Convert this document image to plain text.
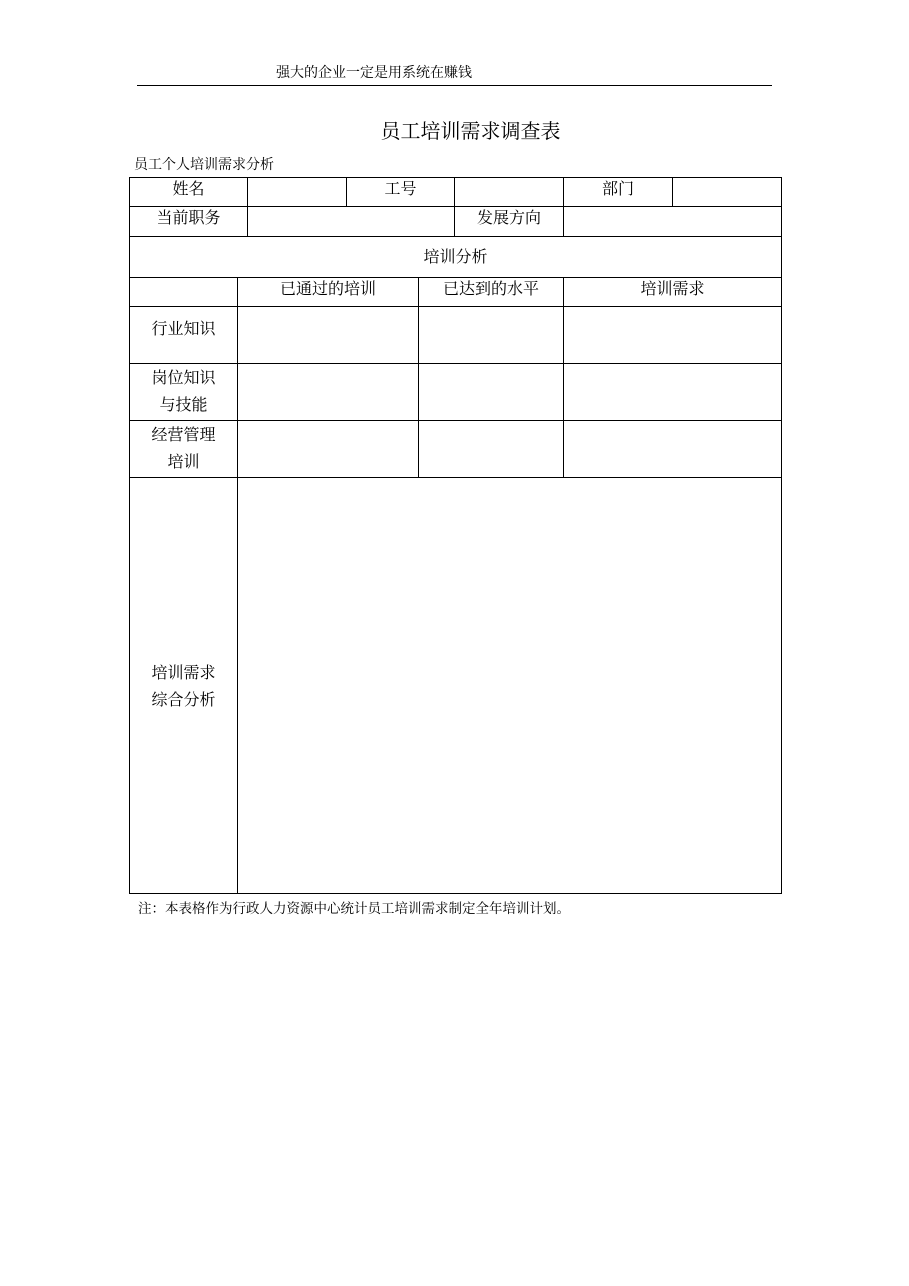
强大的企业一定是用系统在赚钱
员工培训需求调查表
员工个人培训需求分析
姓名			工号			部门	
当前职务					发展方向		
培训分析							
	已通过的培训			已达到的水平		培训需求	

行业知识							

岗位知识
与技能							

经营管理
培训							

培训需求
综合分析							

注：本表格作为行政人力资源中心统计员工培训需求制定全年培训计划。
